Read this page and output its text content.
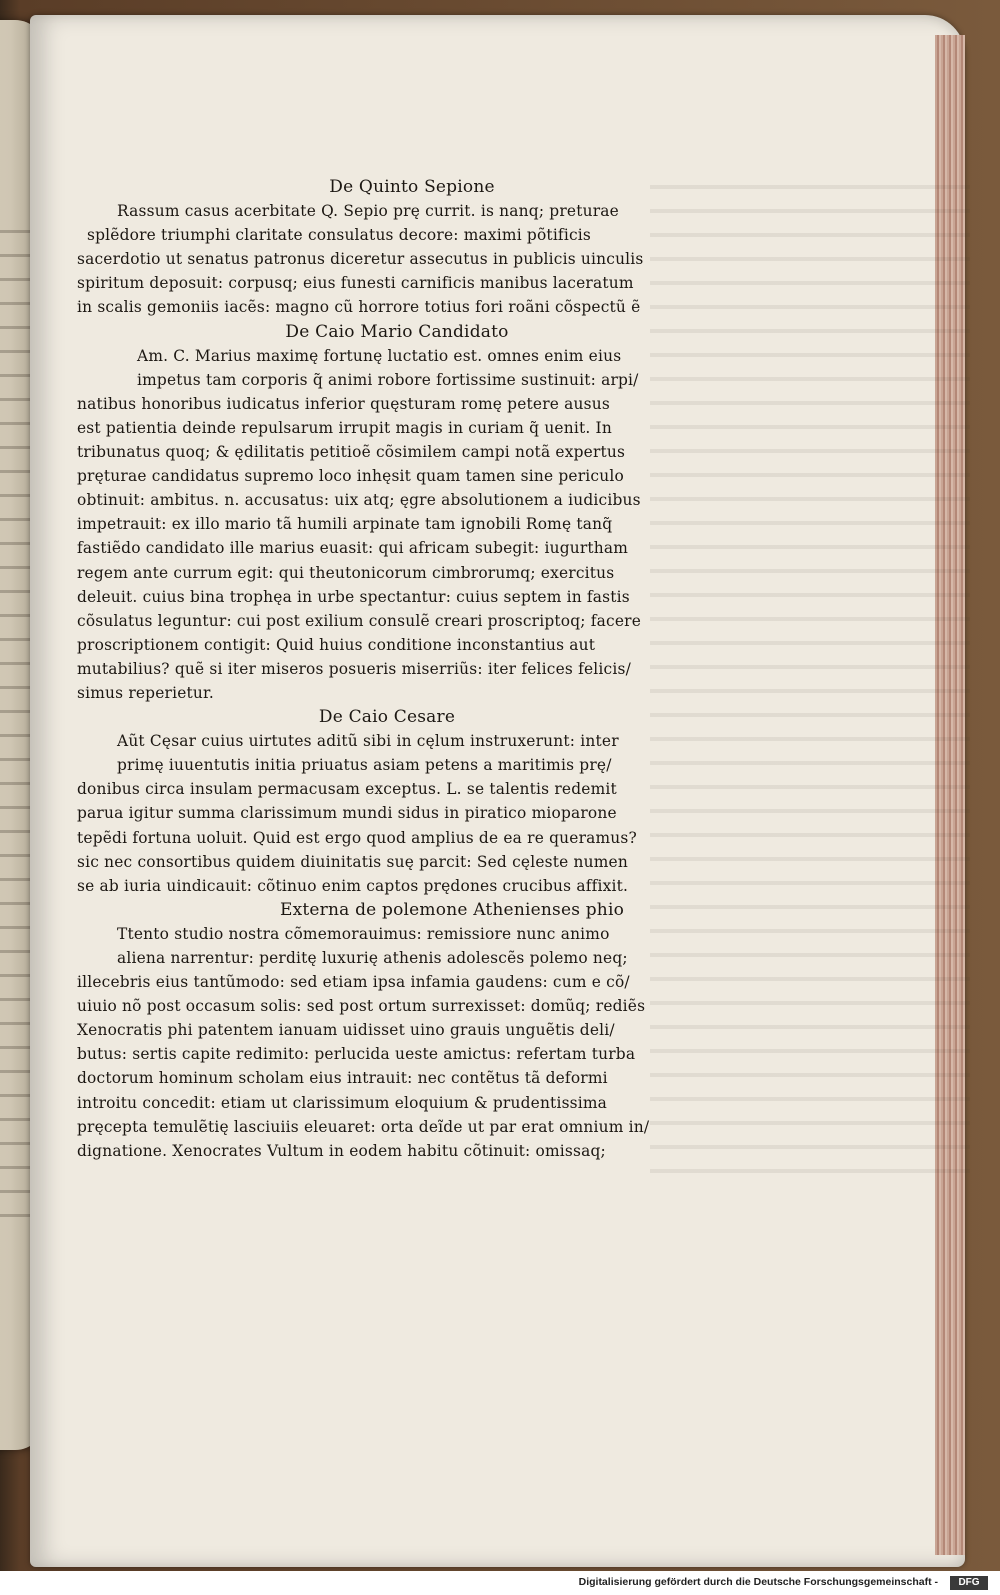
De Quinto Sepione
Rassum casus acerbitate Q. Sepio prę currit. is nanq; preturae
splẽdore triumphi claritate consulatus decore: maximi põtificis
sacerdotio ut senatus patronus diceretur assecutus in publicis uinculis
spiritum deposuit: corpusq; eius funesti carnificis manibus laceratum
in scalis gemoniis iacẽs: magno cũ horrore totius fori roãni cõspectũ ẽ
De Caio Mario Candidato
Am. C. Marius maximę fortunę luctatio est. omnes enim eius
impetus tam corporis q̃ animi robore fortissime sustinuit: arpi/
natibus honoribus iudicatus inferior quęsturam romę petere ausus
est patientia deinde repulsarum irrupit magis in curiam q̃ uenit. In
tribunatus quoq; & ędilitatis petitioẽ cõsimilem campi notã expertus
pręturae candidatus supremo loco inhęsit quam tamen sine periculo
obtinuit: ambitus. n. accusatus: uix atq; ęgre absolutionem a iudicibus
impetrauit: ex illo mario tã humili arpinate tam ignobili Romę tanq̃
fastiẽdo candidato ille marius euasit: qui africam subegit: iugurtham
regem ante currum egit: qui theutonicorum cimbrorumq; exercitus
deleuit. cuius bina trophęa in urbe spectantur: cuius septem in fastis
cõsulatus leguntur: cui post exilium consulẽ creari proscriptoq; facere
proscriptionem contigit: Quid huius conditione inconstantius aut
mutabilius? quẽ si iter miseros posueris miserriũs: iter felices felicis/
simus reperietur.
De Caio Cesare
Aũt Cęsar cuius uirtutes aditũ sibi in cęlum instruxerunt: inter
primę iuuentutis initia priuatus asiam petens a maritimis prę/
donibus circa insulam permacusam exceptus. L. se talentis redemit
parua igitur summa clarissimum mundi sidus in piratico mioparone
tepẽdi fortuna uoluit. Quid est ergo quod amplius de ea re queramus?
sic nec consortibus quidem diuinitatis suę parcit: Sed cęleste numen
se ab iuria uindicauit: cõtinuo enim captos prędones crucibus affixit.
Externa de polemone Athenienses phio
Ttento studio nostra cõmemorauimus: remissiore nunc animo
aliena narrentur: perditę luxurię athenis adolescẽs polemo neq;
illecebris eius tantũmodo: sed etiam ipsa infamia gaudens: cum e cõ/
uiuio nõ post occasum solis: sed post ortum surrexisset: domũq; rediẽs
Xenocratis phi patentem ianuam uidisset uino grauis unguẽtis deli/
butus: sertis capite redimito: perlucida ueste amictus: refertam turba
doctorum hominum scholam eius intrauit: nec contẽtus tã deformi
introitu concedit: etiam ut clarissimum eloquium & prudentissima
pręcepta temulẽtię lasciuiis eleuaret: orta deĩde ut par erat omnium in/
dignatione. Xenocrates Vultum in eodem habitu cõtinuit: omissaq;
Digitalisierung gefördert durch die Deutsche Forschungsgemeinschaft -	DFG
